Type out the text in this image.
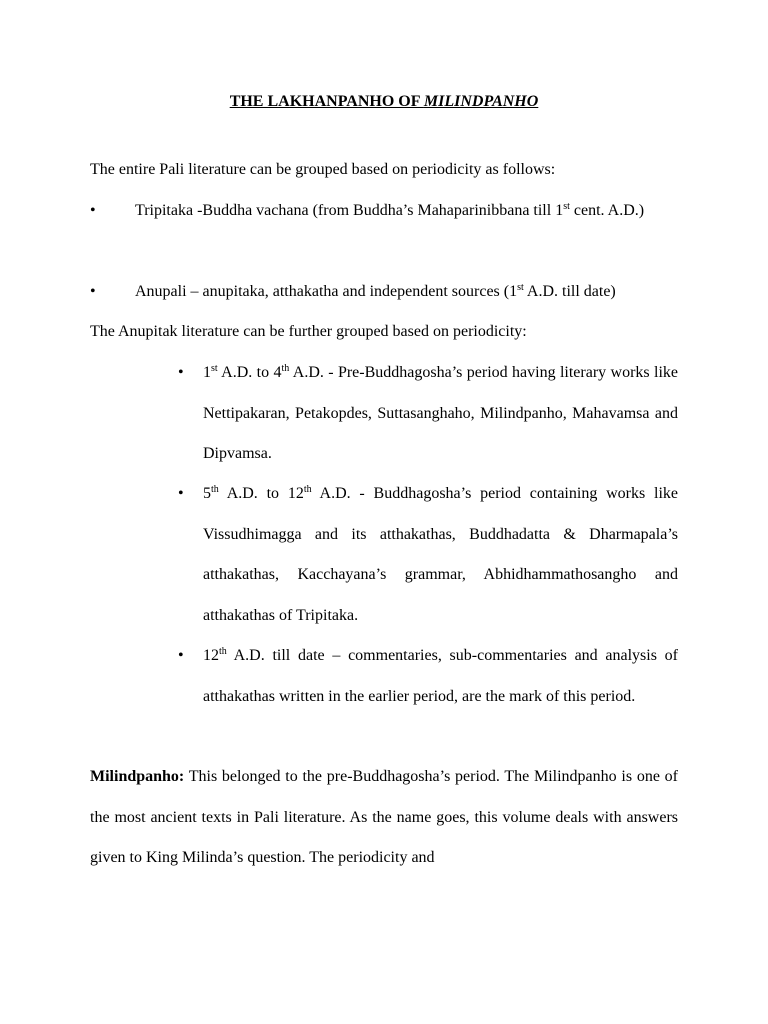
THE LAKHANPANHO OF MILINDPANHO
The entire Pali literature can be grouped based on periodicity as follows:
•	Tripitaka -Buddha vachana (from Buddha’s Mahaparinibbana till 1st cent. A.D.)
•	Anupali – anupitaka, atthakatha and independent sources (1st A.D. till date)
The Anupitak literature can be further grouped based on periodicity:
• 1st A.D. to 4th A.D. - Pre-Buddhagosha’s period having literary works like Nettipakaran, Petakopdes, Suttasanghaho, Milindpanho, Mahavamsa and Dipvamsa.
• 5th A.D. to 12th A.D. - Buddhagosha’s period containing works like Vissudhimagga and its atthakathas, Buddhadatta & Dharmapala’s atthakathas, Kacchayana’s grammar, Abhidhammathosangho and atthakathas of Tripitaka.
• 12th A.D. till date – commentaries, sub-commentaries and analysis of atthakathas written in the earlier period, are the mark of this period.
Milindpanho: This belonged to the pre-Buddhagosha’s period. The Milindpanho is one of the most ancient texts in Pali literature. As the name goes, this volume deals with answers given to King Milinda’s question. The periodicity and
